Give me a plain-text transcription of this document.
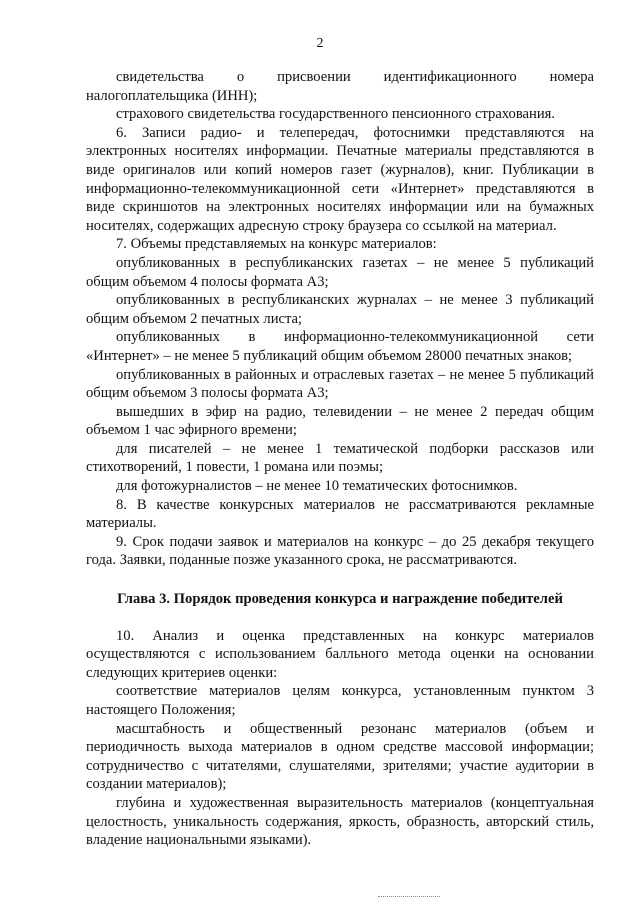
2

свидетельства о присвоении идентификационного номера налогоплательщика (ИНН);

страхового свидетельства государственного пенсионного страхования.

6. Записи радио- и телепередач, фотоснимки представляются на электронных носителях информации. Печатные материалы представляются в виде оригиналов или копий номеров газет (журналов), книг. Публикации в информационно-телекоммуникационной сети «Интернет» представляются в виде скриншотов на электронных носителях информации или на бумажных носителях, содержащих адресную строку браузера со ссылкой на материал.

7. Объемы представляемых на конкурс материалов:

опубликованных в республиканских газетах – не менее 5 публикаций общим объемом 4 полосы формата А3;

опубликованных в республиканских журналах – не менее 3 публикаций общим объемом 2 печатных листа;

опубликованных в информационно-телекоммуникационной сети «Интернет» – не менее 5 публикаций общим объемом 28000 печатных знаков;

опубликованных в районных и отраслевых газетах – не менее 5 публикаций общим объемом 3 полосы формата А3;

вышедших в эфир на радио, телевидении – не менее 2 передач общим объемом 1 час эфирного времени;

для писателей – не менее 1 тематической подборки рассказов или стихотворений, 1 повести, 1 романа или поэмы;

для фотожурналистов – не менее 10 тематических фотоснимков.

8. В качестве конкурсных материалов не рассматриваются рекламные материалы.

9. Срок подачи заявок и материалов на конкурс – до 25 декабря текущего года. Заявки, поданные позже указанного срока, не рассматриваются.

Глава 3. Порядок проведения конкурса и награждение победителей

10. Анализ и оценка представленных на конкурс материалов осуществляются с использованием балльного метода оценки на основании следующих критериев оценки:

соответствие материалов целям конкурса, установленным пунктом 3 настоящего Положения;

масштабность и общественный резонанс материалов (объем и периодичность выхода материалов в одном средстве массовой информации; сотрудничество с читателями, слушателями, зрителями; участие аудитории в создании материалов);

глубина и художественная выразительность материалов (концептуальная целостность, уникальность содержания, яркость, образность, авторский стиль, владение национальными языками).
